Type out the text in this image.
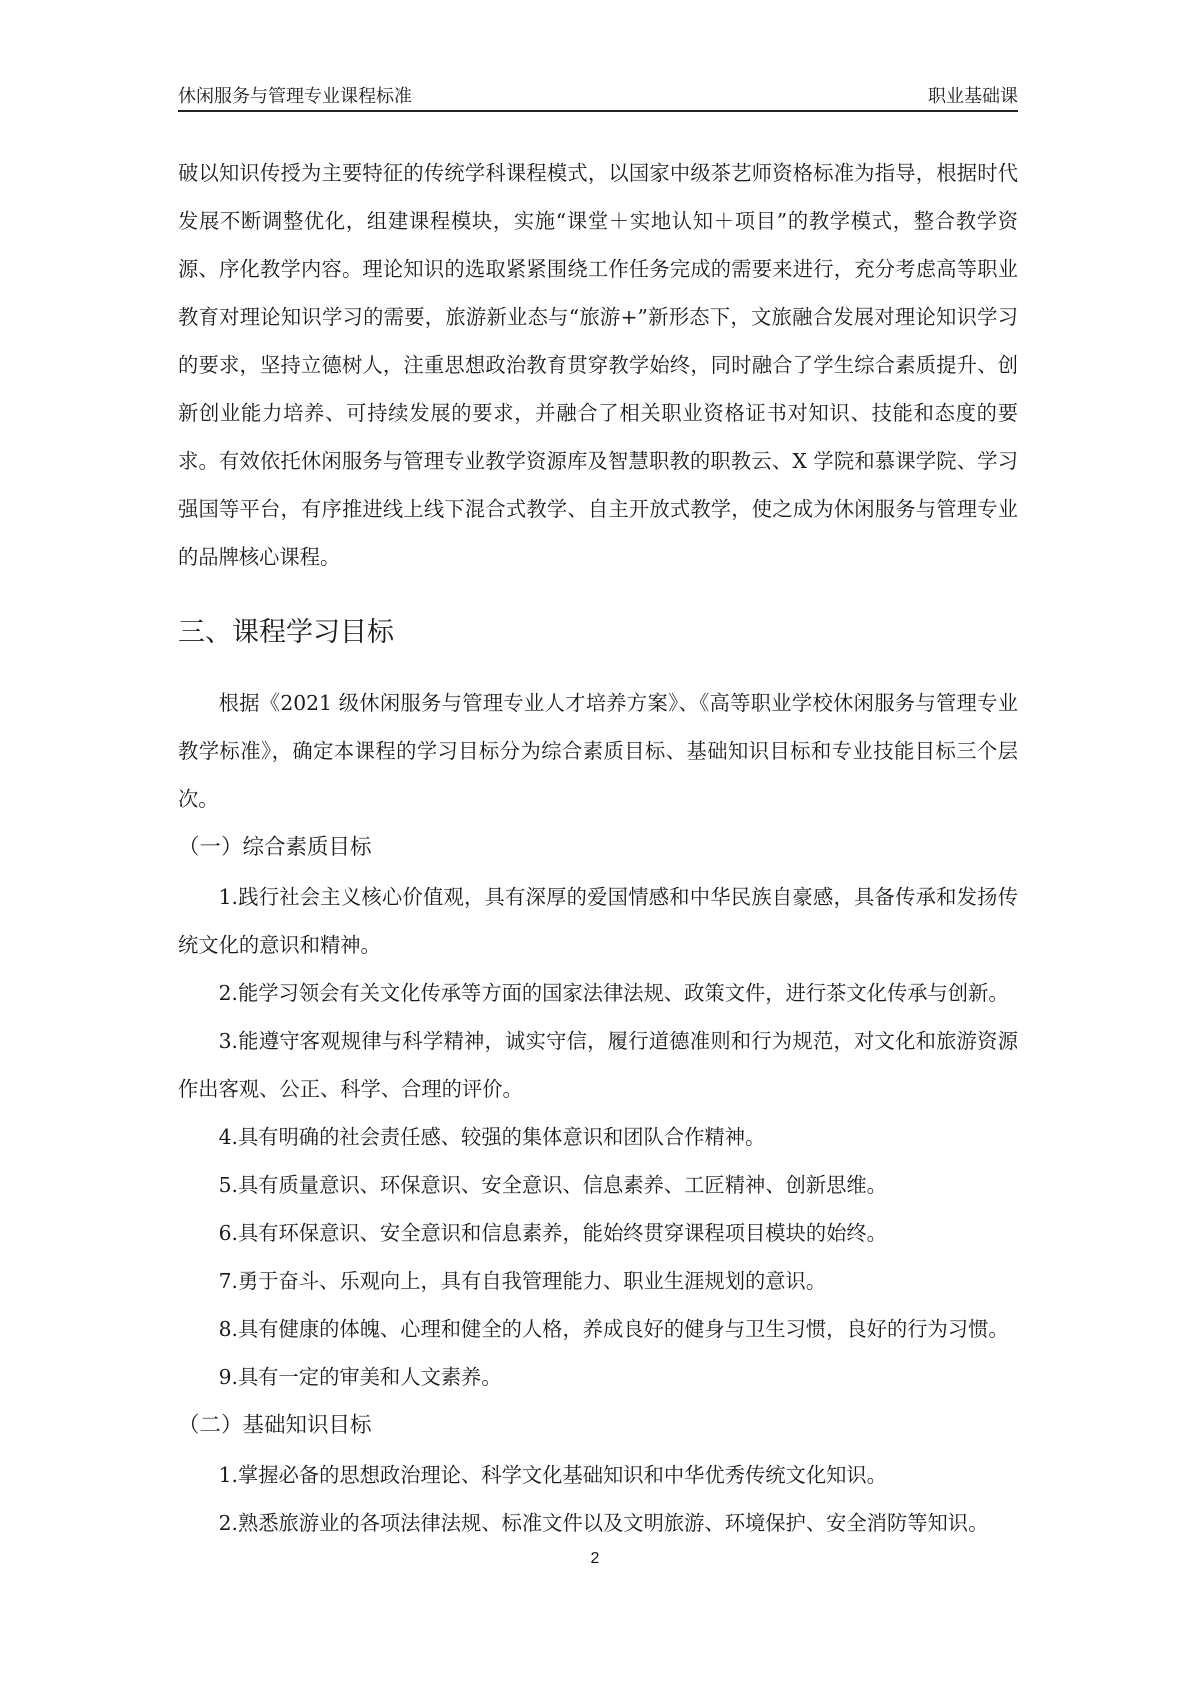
休闲服务与管理专业课程标准	职业基础课

破以知识传授为主要特征的传统学科课程模式，以国家中级茶艺师资格标准为指导，根据时代发展不断调整优化，组建课程模块，实施“课堂＋实地认知＋项目”的教学模式，整合教学资源、序化教学内容。理论知识的选取紧紧围绕工作任务完成的需要来进行，充分考虑高等职业教育对理论知识学习的需要，旅游新业态与“旅游+”新形态下，文旅融合发展对理论知识学习的要求，坚持立德树人，注重思想政治教育贯穿教学始终，同时融合了学生综合素质提升、创新创业能力培养、可持续发展的要求，并融合了相关职业资格证书对知识、技能和态度的要求。有效依托休闲服务与管理专业教学资源库及智慧职教的职教云、X 学院和慕课学院、学习强国等平台，有序推进线上线下混合式教学、自主开放式教学，使之成为休闲服务与管理专业的品牌核心课程。

三、课程学习目标

根据《2021 级休闲服务与管理专业人才培养方案》、《高等职业学校休闲服务与管理专业教学标准》，确定本课程的学习目标分为综合素质目标、基础知识目标和专业技能目标三个层次。

（一）综合素质目标

1.践行社会主义核心价值观，具有深厚的爱国情感和中华民族自豪感，具备传承和发扬传统文化的意识和精神。

2.能学习领会有关文化传承等方面的国家法律法规、政策文件，进行茶文化传承与创新。

3.能遵守客观规律与科学精神，诚实守信，履行道德准则和行为规范，对文化和旅游资源作出客观、公正、科学、合理的评价。

4.具有明确的社会责任感、较强的集体意识和团队合作精神。

5.具有质量意识、环保意识、安全意识、信息素养、工匠精神、创新思维。

6.具有环保意识、安全意识和信息素养，能始终贯穿课程项目模块的始终。

7.勇于奋斗、乐观向上，具有自我管理能力、职业生涯规划的意识。

8.具有健康的体魄、心理和健全的人格，养成良好的健身与卫生习惯，良好的行为习惯。

9.具有一定的审美和人文素养。

（二）基础知识目标

1.掌握必备的思想政治理论、科学文化基础知识和中华优秀传统文化知识。

2.熟悉旅游业的各项法律法规、标准文件以及文明旅游、环境保护、安全消防等知识。

2
